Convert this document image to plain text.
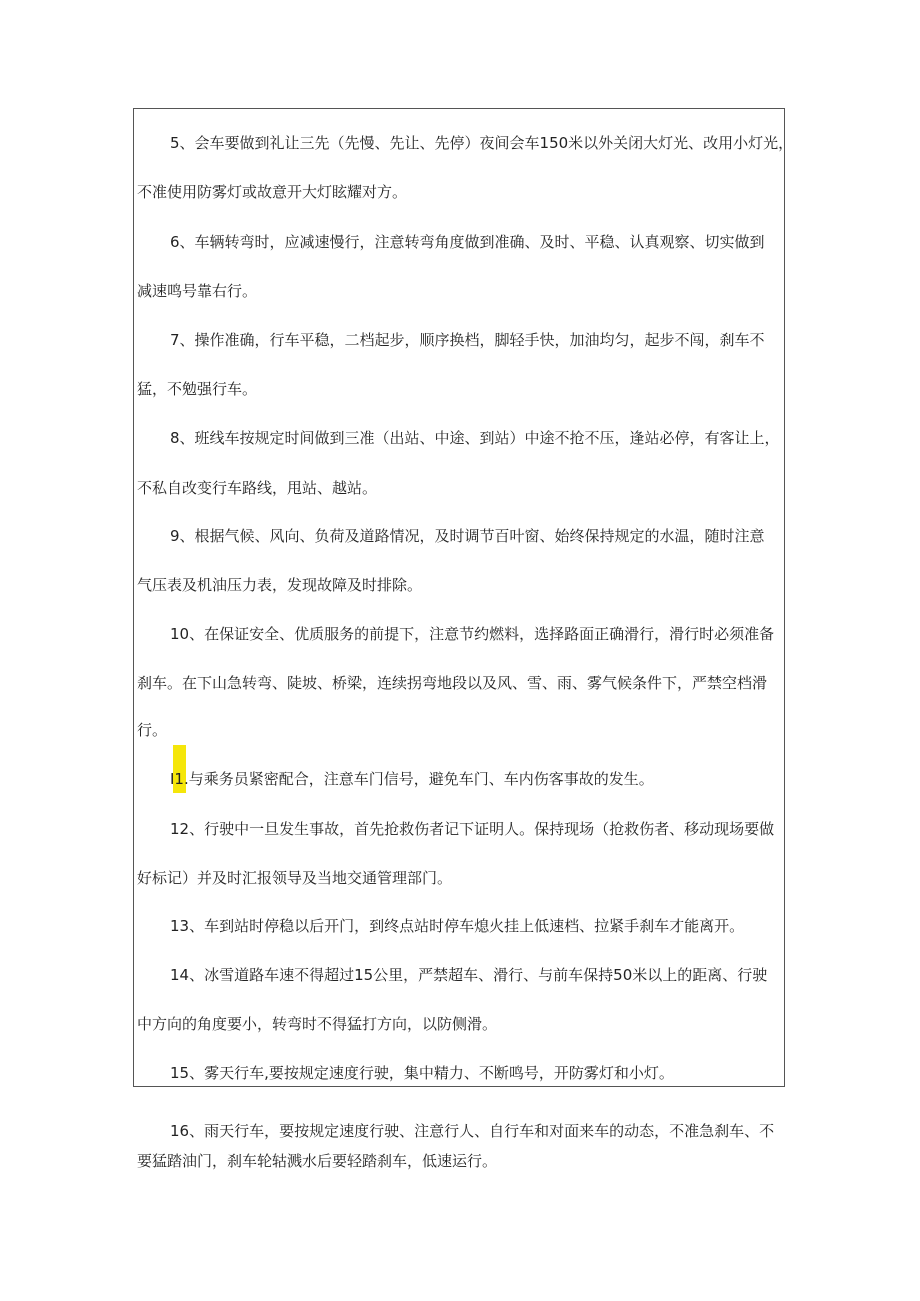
5、会车要做到礼让三先（先慢、先让、先停）夜间会车150米以外关闭大灯光、改用小灯光，
不准使用防雾灯或故意开大灯眩耀对方。
6、车辆转弯时，应减速慢行，注意转弯角度做到准确、及时、平稳、认真观察、切实做到
减速鸣号靠右行。
7、操作准确，行车平稳，二档起步，顺序换档，脚轻手快，加油均匀，起步不闯，刹车不
猛，不勉强行车。
8、班线车按规定时间做到三准（出站、中途、到站）中途不抢不压，逢站必停，有客让上，
不私自改变行车路线，甩站、越站。
9、根据气候、风向、负荷及道路情况，及时调节百叶窗、始终保持规定的水温，随时注意
气压表及机油压力表，发现故障及时排除。
10、在保证安全、优质服务的前提下，注意节约燃料，选择路面正确滑行，滑行时必须准备
刹车。在下山急转弯、陡坡、桥梁，连续拐弯地段以及风、雪、雨、雾气候条件下，严禁空档滑
行。
I1.与乘务员紧密配合，注意车门信号，避免车门、车内伤客事故的发生。
12、行驶中一旦发生事故，首先抢救伤者记下证明人。保持现场（抢救伤者、移动现场要做
好标记）并及时汇报领导及当地交通管理部门。
13、车到站时停稳以后开门，到终点站时停车熄火挂上低速档、拉紧手刹车才能离开。
14、冰雪道路车速不得超过15公里，严禁超车、滑行、与前车保持50米以上的距离、行驶
中方向的角度要小，转弯时不得猛打方向，以防侧滑。
15、雾天行车,要按规定速度行驶，集中精力、不断鸣号，开防雾灯和小灯。
16、雨天行车，要按规定速度行驶、注意行人、自行车和对面来车的动态，不准急刹车、不
要猛踏油门，刹车轮轱溅水后要轻踏刹车，低速运行。
